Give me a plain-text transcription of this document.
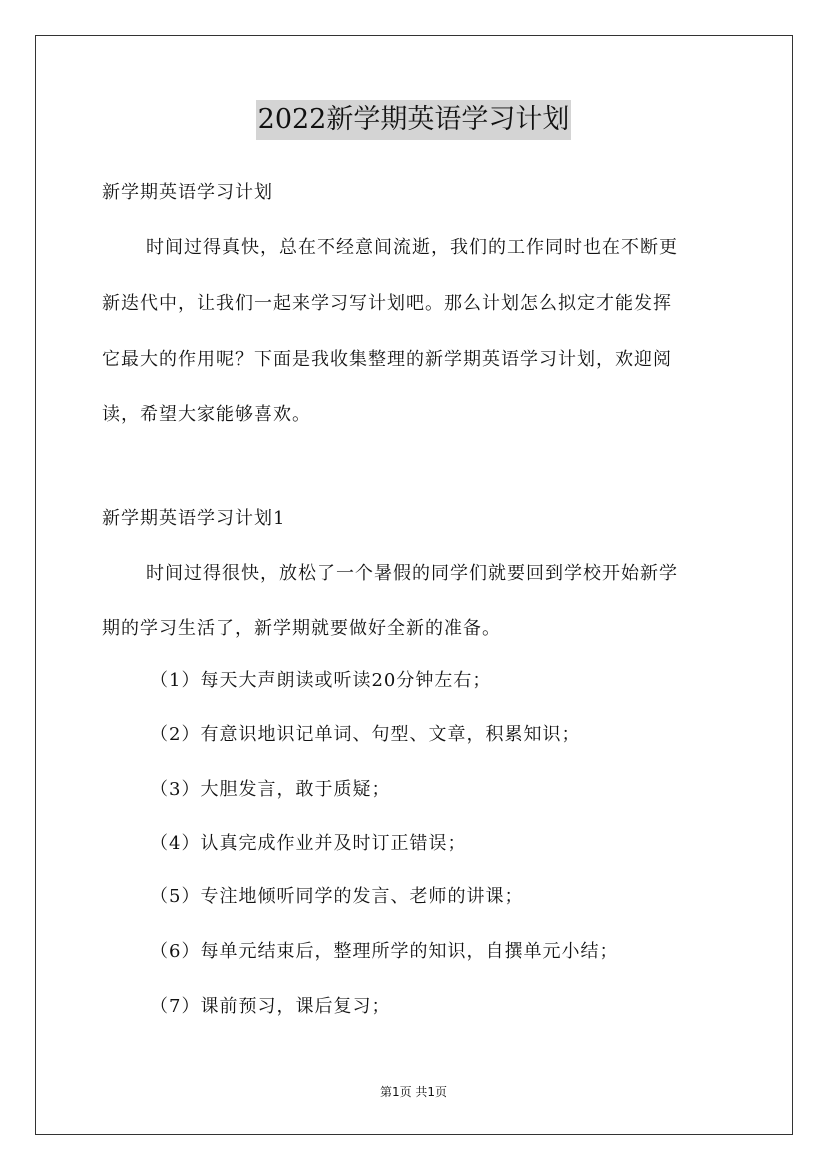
2022新学期英语学习计划
新学期英语学习计划
时间过得真快，总在不经意间流逝，我们的工作同时也在不断更
新迭代中，让我们一起来学习写计划吧。那么计划怎么拟定才能发挥
它最大的作用呢？下面是我收集整理的新学期英语学习计划，欢迎阅
读，希望大家能够喜欢。
新学期英语学习计划1
时间过得很快，放松了一个暑假的同学们就要回到学校开始新学
期的学习生活了，新学期就要做好全新的准备。
（1）每天大声朗读或听读20分钟左右；
（2）有意识地识记单词、句型、文章，积累知识；
（3）大胆发言，敢于质疑；
（4）认真完成作业并及时订正错误；
（5）专注地倾听同学的发言、老师的讲课；
（6）每单元结束后，整理所学的知识，自撰单元小结；
（7）课前预习，课后复习；
第1页 共1页
